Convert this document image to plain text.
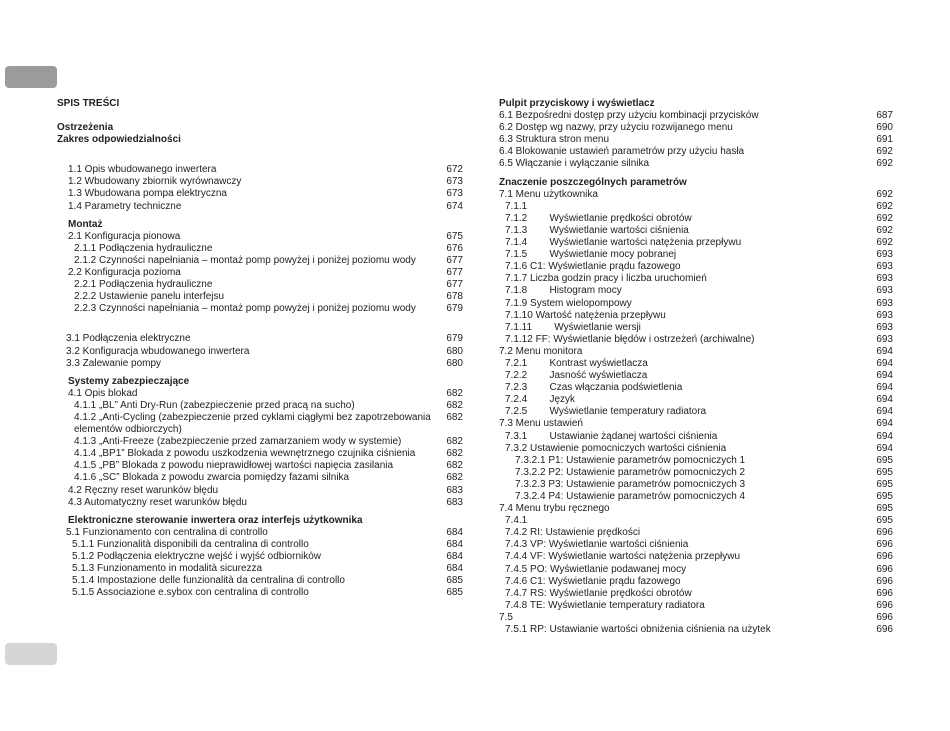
SPIS TREŚCI
Ostrzeżenia
Zakres odpowiedzialności
1.1 Opis wbudowanego inwertera	672
1.2 Wbudowany zbiornik wyrównawczy	673
1.3 Wbudowana pompa elektryczna	673
1.4 Parametry techniczne	674
Montaż
2.1 Konfiguracja pionowa	675
2.1.1 Podłączenia hydrauliczne	676
2.1.2 Czynności napełniania – montaż pomp powyżej i poniżej poziomu wody	677
2.2 Konfiguracja pozioma	677
2.2.1 Podłączenia hydrauliczne	677
2.2.2 Ustawienie panelu interfejsu	678
2.2.3 Czynności napełniania – montaż pomp powyżej i poniżej poziomu wody	679
3.1 Podłączenia elektryczne	679
3.2 Konfiguracja wbudowanego inwertera	680
3.3 Zalewanie pompy	680
Systemy zabezpieczające
4.1 Opis blokad	682
4.1.1 „BL” Anti Dry-Run (zabezpieczenie przed pracą na sucho)	682
4.1.2 „Anti-Cycling (zabezpieczenie przed cyklami ciągłymi bez zapotrzebowania elementów odbiorczych)
682
4.1.3 „Anti-Freeze (zabezpieczenie przed zamarzaniem wody w systemie)	682
4.1.4 „BP1” Blokada z powodu uszkodzenia wewnętrznego czujnika ciśnienia	682
4.1.5 „PB” Blokada z powodu nieprawidłowej wartości napięcia zasilania	682
4.1.6 „SC” Blokada z powodu zwarcia pomiędzy fazami silnika	682
4.2 Ręczny reset warunków błędu	683
4.3 Automatyczny reset warunków błędu	683
Elektroniczne sterowanie inwertera oraz interfejs użytkownika
5.1 Funzionamento con centralina di controllo	684
5.1.1 Funzionalità disponibili da centralina di controllo	684
5.1.2 Podłączenia elektryczne wejść i wyjść odbiorników	684
5.1.3 Funzionamento in modalità sicurezza	684
5.1.4 Impostazione delle funzionalità da centralina di controllo	685
5.1.5 Associazione e.sybox con centralina di controllo	685
Pulpit przyciskowy i wyświetlacz
6.1 Bezpośredni dostęp przy użyciu kombinacji przycisków	687
6.2 Dostęp wg nazwy, przy użyciu rozwijanego menu	690
6.3 Struktura stron menu	691
6.4 Blokowanie ustawień parametrów przy użyciu hasła	692
6.5 Włączanie i wyłączanie silnika	692
Znaczenie poszczególnych parametrów
7.1 Menu użytkownika	692
7.1.1	692
7.1.2        Wyświetlanie prędkości obrotów	692
7.1.3        Wyświetlanie wartości ciśnienia	692
7.1.4        Wyświetlanie wartości natężenia przepływu	692
7.1.5        Wyświetlanie mocy pobranej	693
7.1.6 C1: Wyświetlanie prądu fazowego	693
7.1.7 Liczba godzin pracy i liczba uruchomień	693
7.1.8        Histogram mocy	693
7.1.9 System wielopompowy	693
7.1.10 Wartość natężenia przepływu	693
7.1.11        Wyświetlanie wersji	693
7.1.12 FF: Wyświetlanie błędów i ostrzeżeń (archiwalne)	693
7.2 Menu monitora	694
7.2.1        Kontrast wyświetlacza	694
7.2.2        Jasność wyświetlacza	694
7.2.3        Czas włączania podświetlenia	694
7.2.4        Język	694
7.2.5        Wyświetlanie temperatury radiatora	694
7.3 Menu ustawień	694
7.3.1        Ustawianie żądanej wartości ciśnienia	694
7.3.2 Ustawienie pomocniczych wartości ciśnienia	694
7.3.2.1 P1: Ustawienie parametrów pomocniczych 1	695
7.3.2.2 P2: Ustawienie parametrów pomocniczych 2	695
7.3.2.3 P3: Ustawienie parametrów pomocniczych 3	695
7.3.2.4 P4: Ustawienie parametrów pomocniczych 4	695
7.4 Menu trybu ręcznego	695
7.4.1	695
7.4.2 RI: Ustawienie prędkości	696
7.4.3 VP: Wyświetlanie wartości ciśnienia	696
7.4.4 VF: Wyświetlanie wartości natężenia przepływu	696
7.4.5 PO: Wyświetlanie podawanej mocy	696
7.4.6 C1: Wyświetlanie prądu fazowego	696
7.4.7 RS: Wyświetlanie prędkości obrotów	696
7.4.8 TE: Wyświetlanie temperatury radiatora	696
7.5	696
7.5.1 RP: Ustawianie wartości obniżenia ciśnienia na użytek	696
